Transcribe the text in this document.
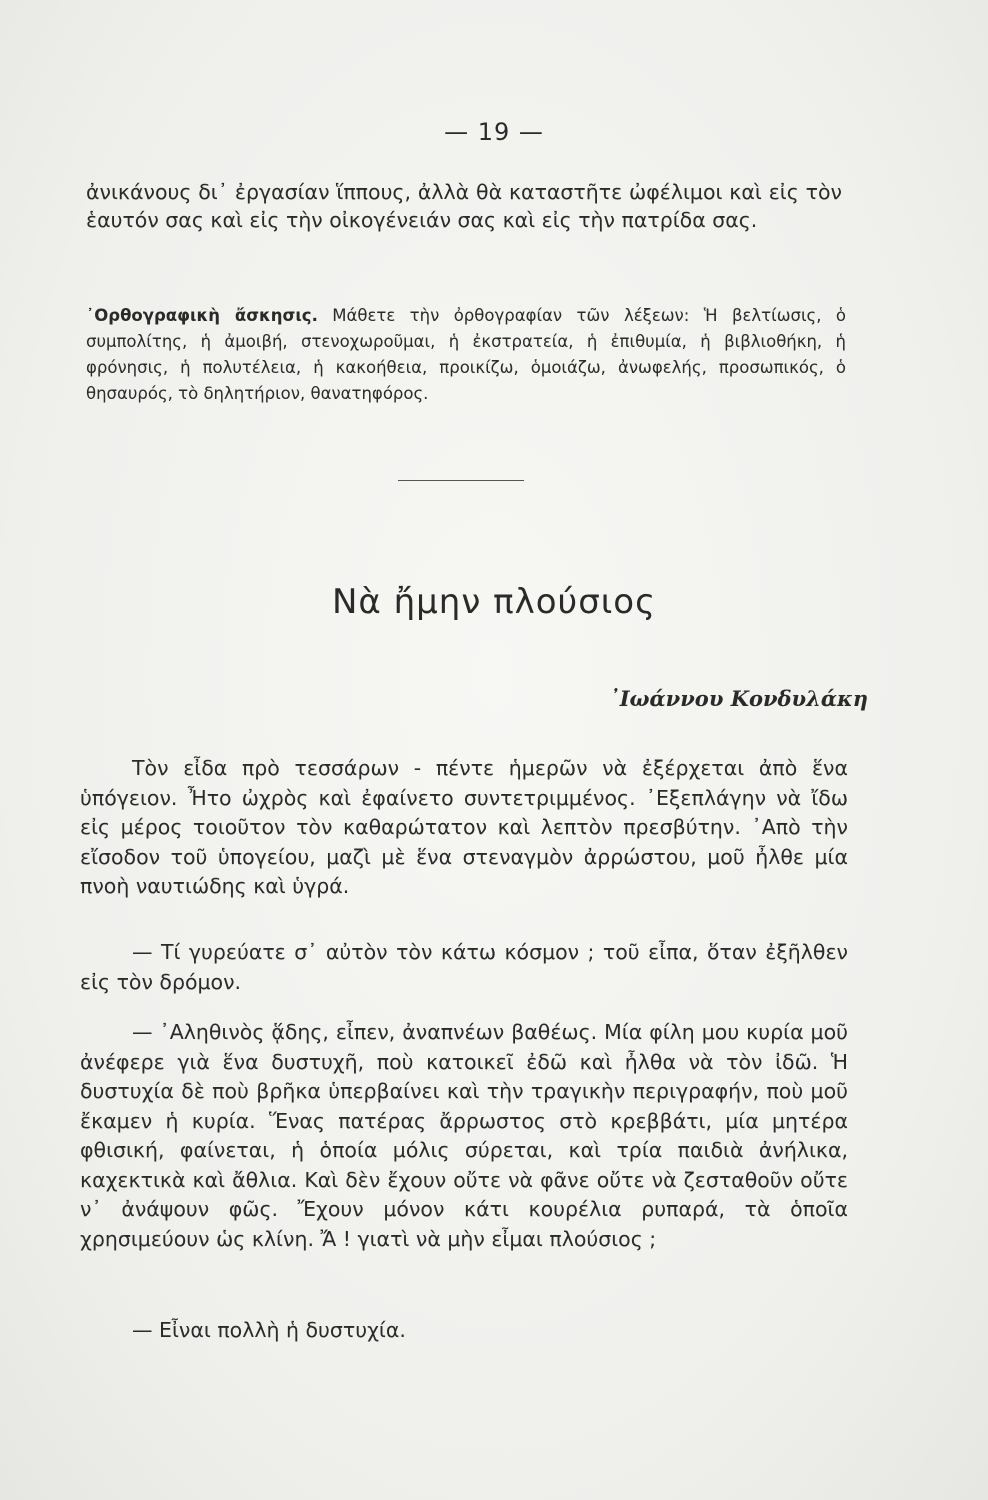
— 19 —
ἀνικάνους δι᾿ ἐργασίαν ἵππους, ἀλλὰ θὰ καταστῆτε ὠφέλιμοι καὶ εἰς τὸν ἑαυτόν σας καὶ εἰς τὴν οἰκογένειάν σας καὶ εἰς τὴν πατρίδα σας.
᾿Ορθογραφικὴ ἄσκησις. Μάθετε τὴν ὀρθογραφίαν τῶν λέξεων: Ἡ βελτίωσις, ὁ συμπολίτης, ἡ ἀμοιβή, στενοχωροῦμαι, ἡ ἐκστρατεία, ἡ ἐπιθυμία, ἡ βιβλιοθήκη, ἡ φρόνησις, ἡ πολυτέλεια, ἡ κακοήθεια, προικίζω, ὁμοιάζω, ἀνωφελής, προσωπικός, ὁ θησαυρός, τὸ δηλητήριον, θανατηφόρος.
Νὰ ἤμην πλούσιος
᾿Ιωάννου Κονδυλάκη
Τὸν εἶδα πρὸ τεσσάρων - πέντε ἡμερῶν νὰ ἐξέρχεται ἀπὸ ἕνα ὑπόγειον. Ἦτο ὠχρὸς καὶ ἐφαίνετο συντετριμμένος. ᾿Εξεπλάγην νὰ ἴδω εἰς μέρος τοιοῦτον τὸν καθαρώτατον καὶ λεπτὸν πρεσβύτην. ᾿Απὸ τὴν εἴσοδον τοῦ ὑπογείου, μαζὶ μὲ ἕνα στεναγμὸν ἀρρώστου, μοῦ ἦλθε μία πνοὴ ναυτιώδης καὶ ὑγρά.
— Τί γυρεύατε σ᾿ αὐτὸν τὸν κάτω κόσμον ; τοῦ εἶπα, ὅταν ἐξῆλθεν εἰς τὸν δρόμον.
— ᾿Αληθινὸς ᾅδης, εἶπεν, ἀναπνέων βαθέως. Μία φίλη μου κυρία μοῦ ἀνέφερε γιὰ ἕνα δυστυχῆ, ποὺ κατοικεῖ ἐδῶ καὶ ἦλθα νὰ τὸν ἰδῶ. Ἡ δυστυχία δὲ ποὺ βρῆκα ὑπερβαίνει καὶ τὴν τραγικὴν περιγραφήν, ποὺ μοῦ ἔκαμεν ἡ κυρία. Ἕνας πατέρας ἄρρωστος στὸ κρεββάτι, μία μητέρα φθισική, φαίνεται, ἡ ὁποία μόλις σύρεται, καὶ τρία παιδιὰ ἀνήλικα, καχεκτικὰ καὶ ἄθλια. Καὶ δὲν ἔχουν οὔτε νὰ φᾶνε οὔτε νὰ ζεσταθοῦν οὔτε ν᾿ ἀνάψουν φῶς. Ἔχουν μόνον κάτι κουρέλια ρυπαρά, τὰ ὁποῖα χρησιμεύουν ὡς κλίνη. Ἄ ! γιατὶ νὰ μὴν εἶμαι πλούσιος ;
— Εἶναι πολλὴ ἡ δυστυχία.
